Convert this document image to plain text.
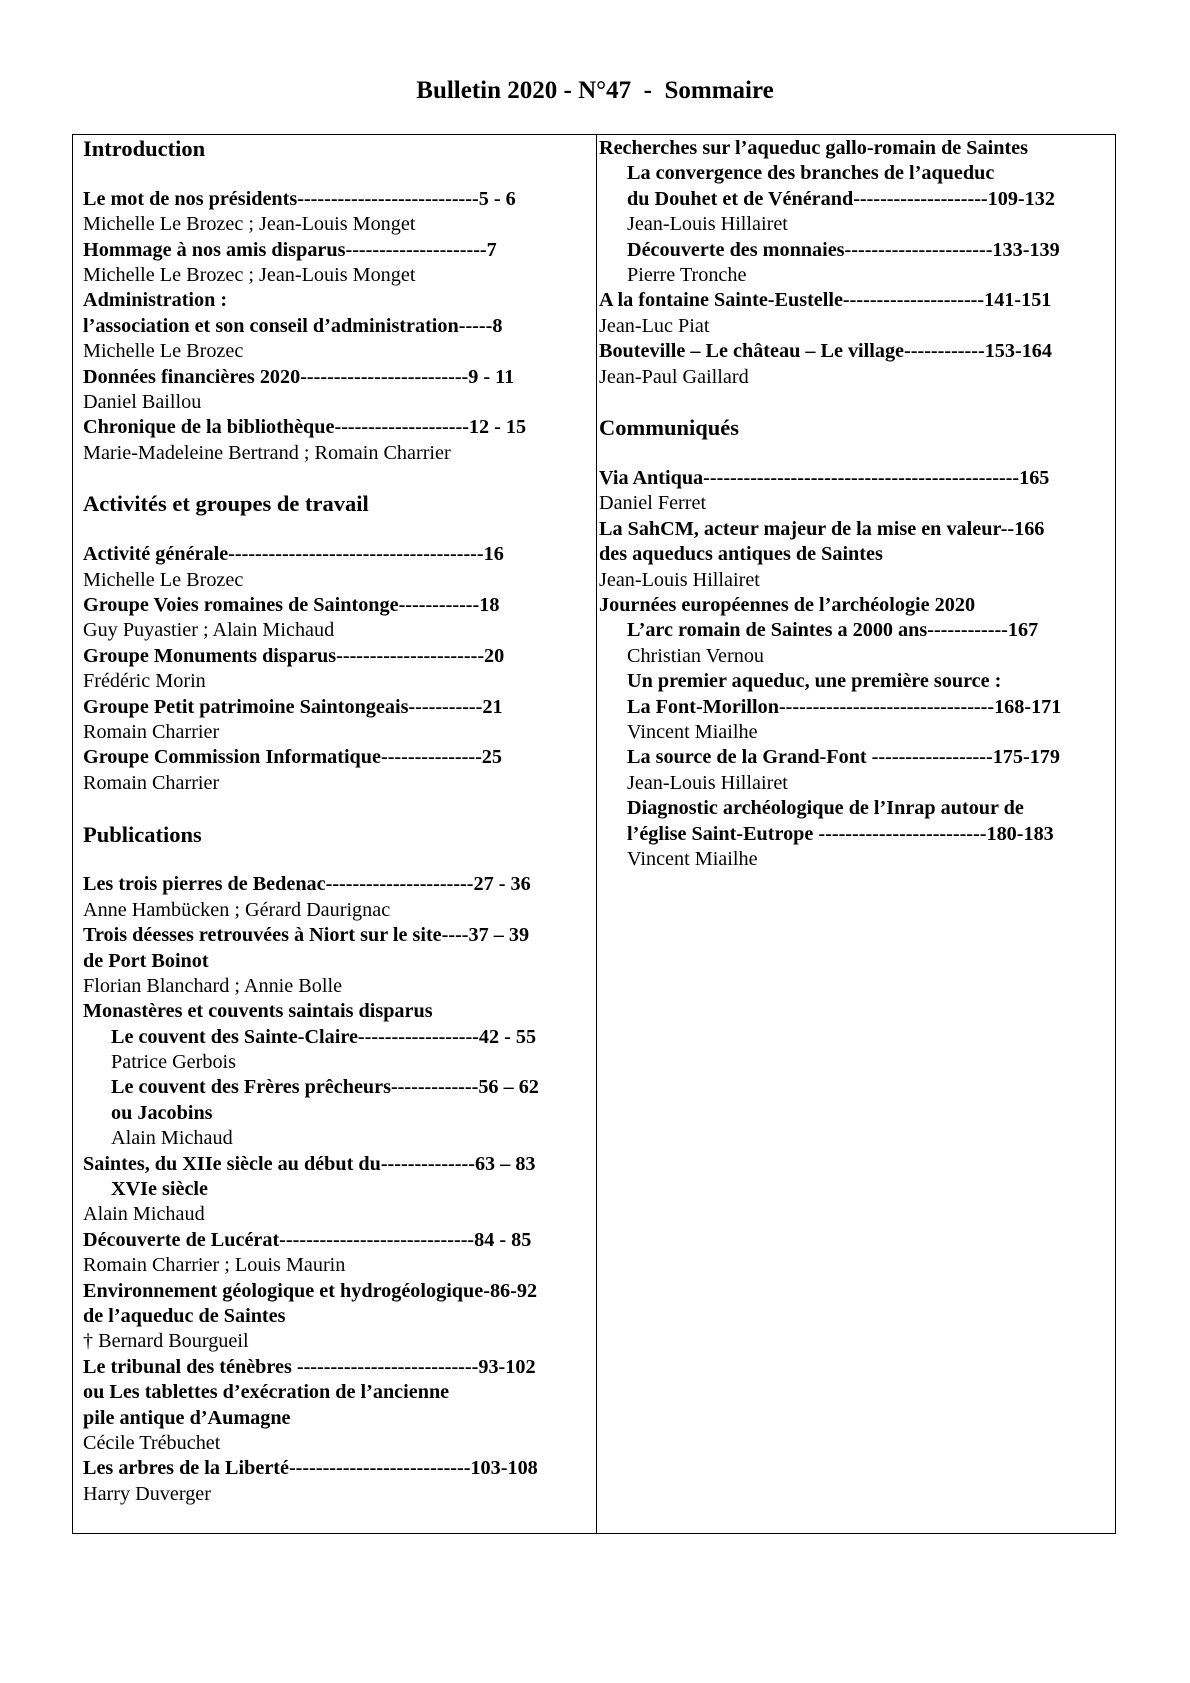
Bulletin 2020 - N°47  -  Sommaire
Introduction
Le mot de nos présidents---------------------------5 - 6
Michelle Le Brozec ; Jean-Louis Monget
Hommage à nos amis disparus---------------------7
Michelle Le Brozec ; Jean-Louis Monget
Administration :
l’association et son conseil d’administration-----8
Michelle Le Brozec
Données financières 2020-------------------------9 - 11
Daniel Baillou
Chronique de la bibliothèque--------------------12 - 15
Marie-Madeleine Bertrand ; Romain Charrier
Activités et groupes de travail
Activité générale--------------------------------------16
Michelle Le Brozec
Groupe Voies romaines de Saintonge------------18
Guy Puyastier ; Alain Michaud
Groupe Monuments disparus----------------------20
Frédéric Morin
Groupe Petit patrimoine Saintongeais-----------21
Romain Charrier
Groupe Commission Informatique---------------25
Romain Charrier
Publications
Les trois pierres de Bedenac----------------------27 - 36
Anne Hambücken ; Gérard Daurignac
Trois déesses retrouvées à Niort sur le site----37 – 39
de Port Boinot
Florian Blanchard ; Annie Bolle
Monastères et couvents saintais disparus
Le couvent des Sainte-Claire------------------42 - 55
Patrice Gerbois
Le couvent des Frères prêcheurs-------------56 – 62
ou Jacobins
Alain Michaud
Saintes, du XIIe siècle au début du--------------63 – 83
XVIe siècle
Alain Michaud
Découverte de Lucérat-----------------------------84 - 85
Romain Charrier ; Louis Maurin
Environnement géologique et hydrogéologique-86-92
de l’aqueduc de Saintes
† Bernard Bourgueil
Le tribunal des ténèbres ---------------------------93-102
ou Les tablettes d’exécration de l’ancienne
pile antique d’Aumagne
Cécile Trébuchet
Les arbres de la Liberté---------------------------103-108
Harry Duverger
Recherches sur l’aqueduc gallo-romain de Saintes
La convergence des branches de l’aqueduc
du Douhet et de Vénérand--------------------109-132
Jean-Louis Hillairet
Découverte des monnaies----------------------133-139
Pierre Tronche
A la fontaine Sainte-Eustelle---------------------141-151
Jean-Luc Piat
Bouteville – Le château – Le village------------153-164
Jean-Paul Gaillard
Communiqués
Via Antiqua-----------------------------------------------165
Daniel Ferret
La SahCM, acteur majeur de la mise en valeur--166
des aqueducs antiques de Saintes
Jean-Louis Hillairet
Journées européennes de l’archéologie 2020
L’arc romain de Saintes a 2000 ans------------167
Christian Vernou
Un premier aqueduc, une première source :
La Font-Morillon--------------------------------168-171
Vincent Miailhe
La source de la Grand-Font ------------------175-179
Jean-Louis Hillairet
Diagnostic archéologique de l’Inrap autour de
l’église Saint-Eutrope -------------------------180-183
Vincent Miailhe
